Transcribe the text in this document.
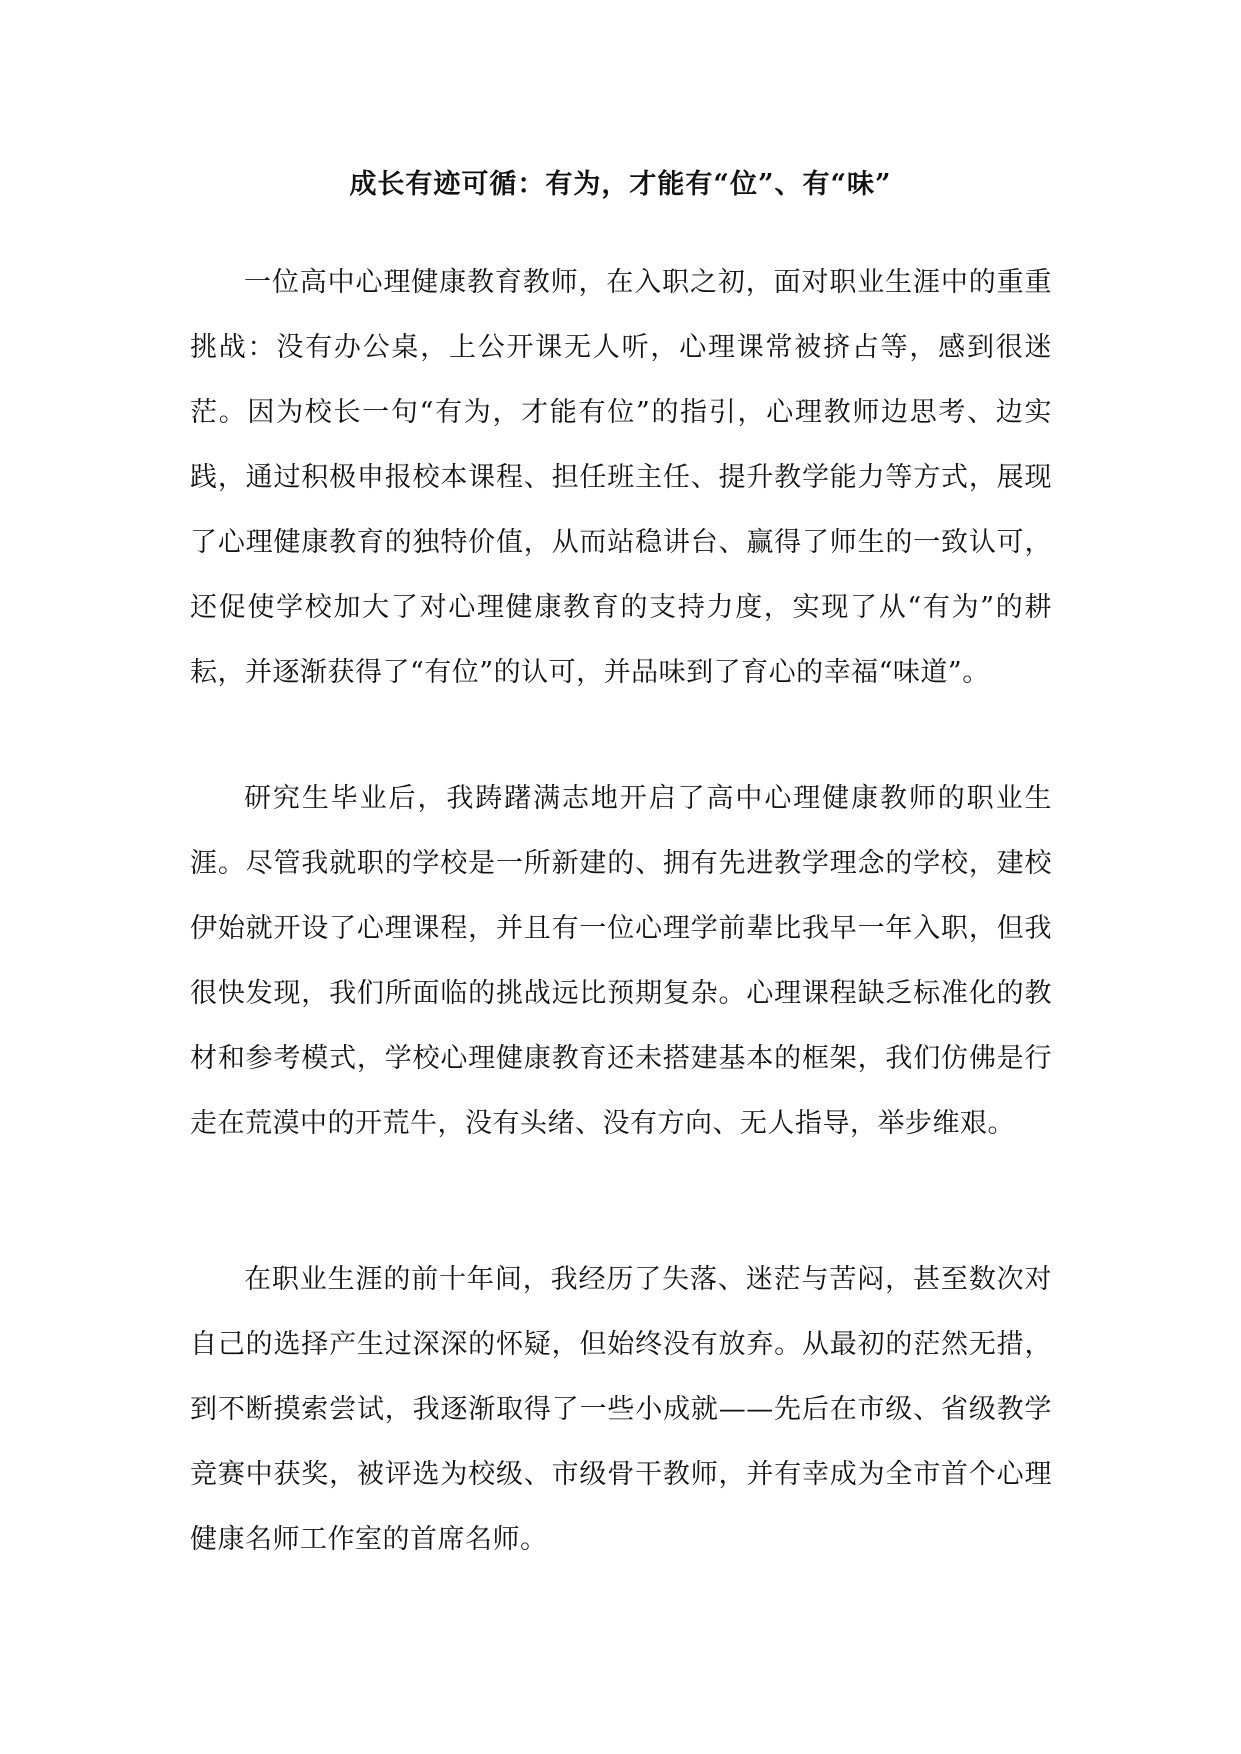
成长有迹可循：有为，才能有“位”、有“味”

一位高中心理健康教育教师，在入职之初，面对职业生涯中的重重挑战：没有办公桌，上公开课无人听，心理课常被挤占等，感到很迷茫。因为校长一句“有为，才能有位”的指引，心理教师边思考、边实践，通过积极申报校本课程、担任班主任、提升教学能力等方式，展现了心理健康教育的独特价值，从而站稳讲台、赢得了师生的一致认可，还促使学校加大了对心理健康教育的支持力度，实现了从“有为”的耕耘，并逐渐获得了“有位”的认可，并品味到了育心的幸福“味道”。

研究生毕业后，我踌躇满志地开启了高中心理健康教师的职业生涯。尽管我就职的学校是一所新建的、拥有先进教学理念的学校，建校伊始就开设了心理课程，并且有一位心理学前辈比我早一年入职，但我很快发现，我们所面临的挑战远比预期复杂。心理课程缺乏标准化的教材和参考模式，学校心理健康教育还未搭建基本的框架，我们仿佛是行走在荒漠中的开荒牛，没有头绪、没有方向、无人指导，举步维艰。

在职业生涯的前十年间，我经历了失落、迷茫与苦闷，甚至数次对自己的选择产生过深深的怀疑，但始终没有放弃。从最初的茫然无措，到不断摸索尝试，我逐渐取得了一些小成就——先后在市级、省级教学竞赛中获奖，被评选为校级、市级骨干教师，并有幸成为全市首个心理健康名师工作室的首席名师。
